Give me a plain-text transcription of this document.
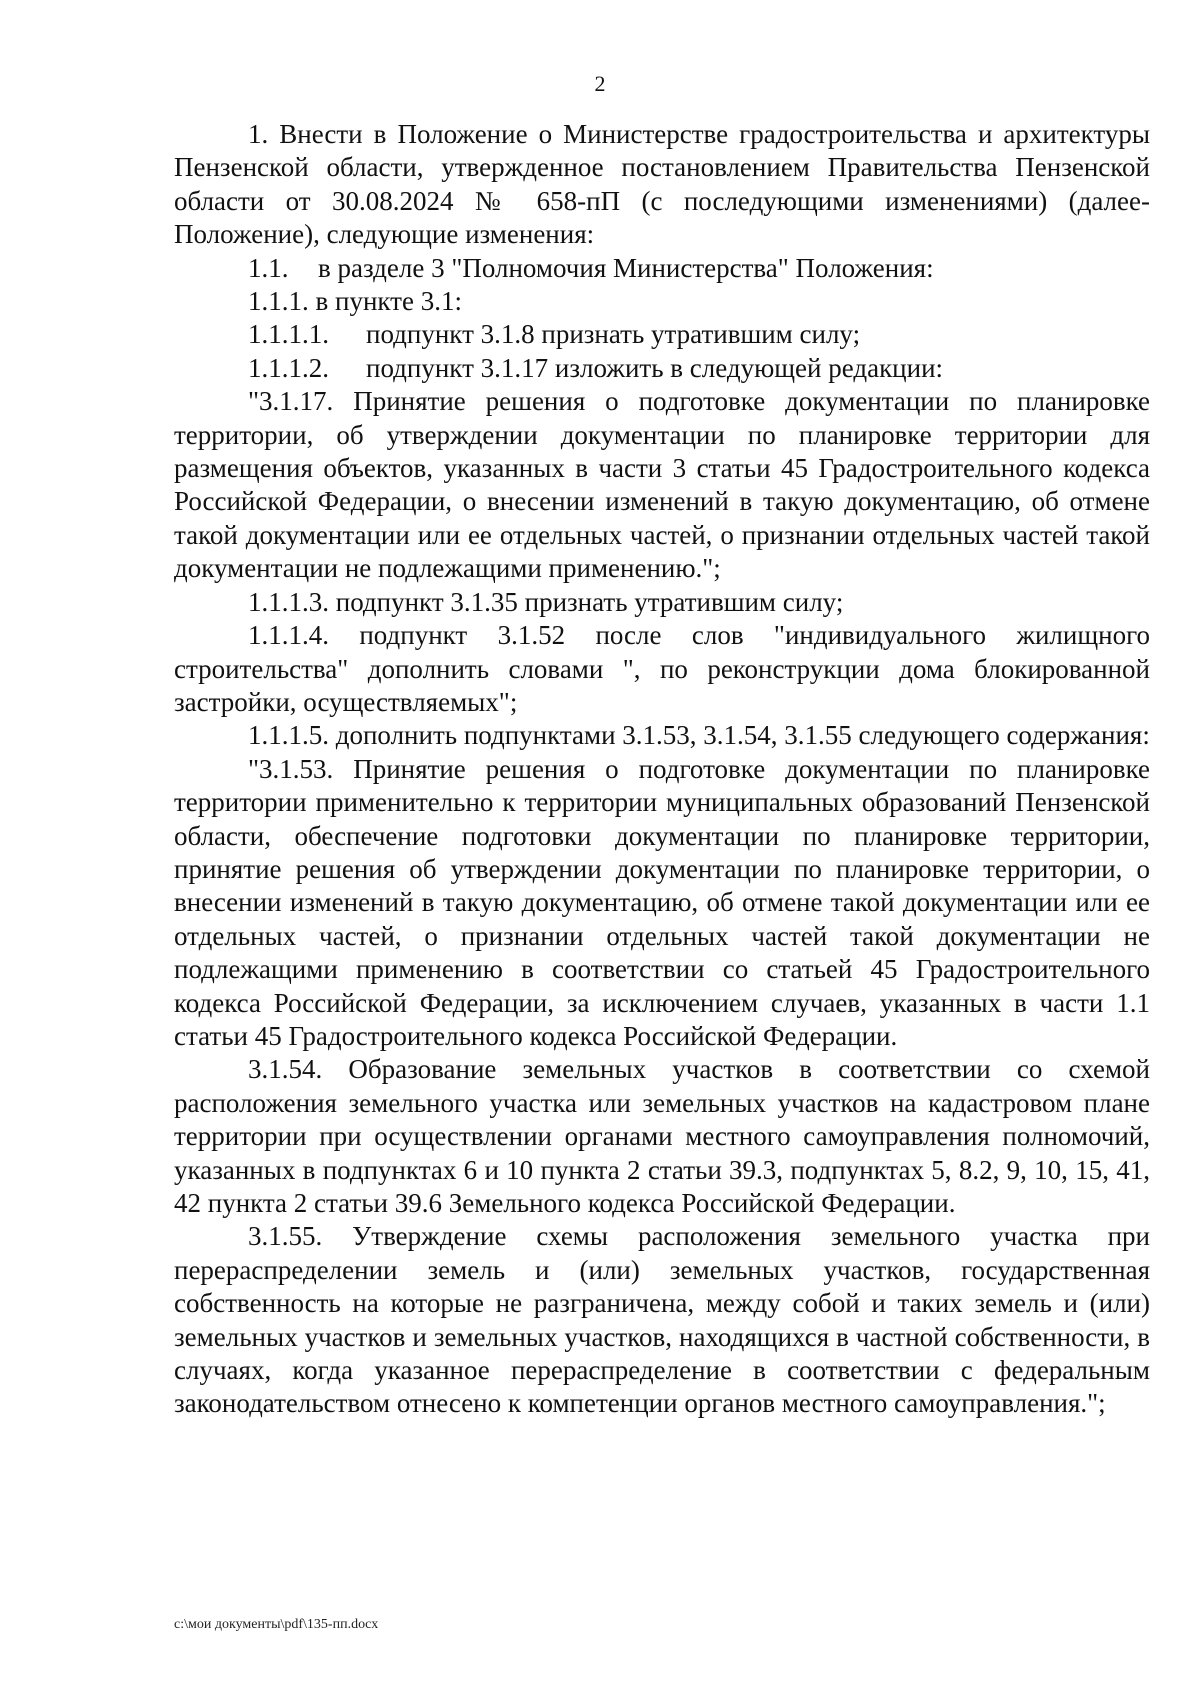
2

1. Внести в Положение о Министерстве градостроительства и архитектуры Пензенской области, утвержденное постановлением Правительства Пензенской области от 30.08.2024 № 658-пП (с последующими изменениями) (далее- Положение), следующие изменения:

1.1. в разделе 3 "Полномочия Министерства" Положения:

1.1.1. в пункте 3.1:

1.1.1.1. подпункт 3.1.8 признать утратившим силу;

1.1.1.2. подпункт 3.1.17 изложить в следующей редакции:

"3.1.17. Принятие решения о подготовке документации по планировке территории, об утверждении документации по планировке территории для размещения объектов, указанных в части 3 статьи 45 Градостроительного кодекса Российской Федерации, о внесении изменений в такую документацию, об отмене такой документации или ее отдельных частей, о признании отдельных частей такой документации не подлежащими применению.";

1.1.1.3. подпункт 3.1.35 признать утратившим силу;

1.1.1.4. подпункт 3.1.52 после слов "индивидуального жилищного строительства" дополнить словами ", по реконструкции дома блокированной застройки, осуществляемых";

1.1.1.5. дополнить подпунктами 3.1.53, 3.1.54, 3.1.55 следующего содержания:

"3.1.53. Принятие решения о подготовке документации по планировке территории применительно к территории муниципальных образований Пензенской области, обеспечение подготовки документации по планировке территории, принятие решения об утверждении документации по планировке территории, о внесении изменений в такую документацию, об отмене такой документации или ее отдельных частей, о признании отдельных частей такой документации не подлежащими применению в соответствии со статьей 45 Градостроительного кодекса Российской Федерации, за исключением случаев, указанных в части 1.1 статьи 45 Градостроительного кодекса Российской Федерации.

3.1.54. Образование земельных участков в соответствии со схемой расположения земельного участка или земельных участков на кадастровом плане территории при осуществлении органами местного самоуправления полномочий, указанных в подпунктах 6 и 10 пункта 2 статьи 39.3, подпунктах 5, 8.2, 9, 10, 15, 41, 42 пункта 2 статьи 39.6 Земельного кодекса Российской Федерации.

3.1.55. Утверждение схемы расположения земельного участка при перераспределении земель и (или) земельных участков, государственная собственность на которые не разграничена, между собой и таких земель и (или) земельных участков и земельных участков, находящихся в частной собственности, в случаях, когда указанное перераспределение в соответствии с федеральным законодательством отнесено к компетенции органов местного самоуправления.";

c:\мои документы\pdf\135-пп.docx
